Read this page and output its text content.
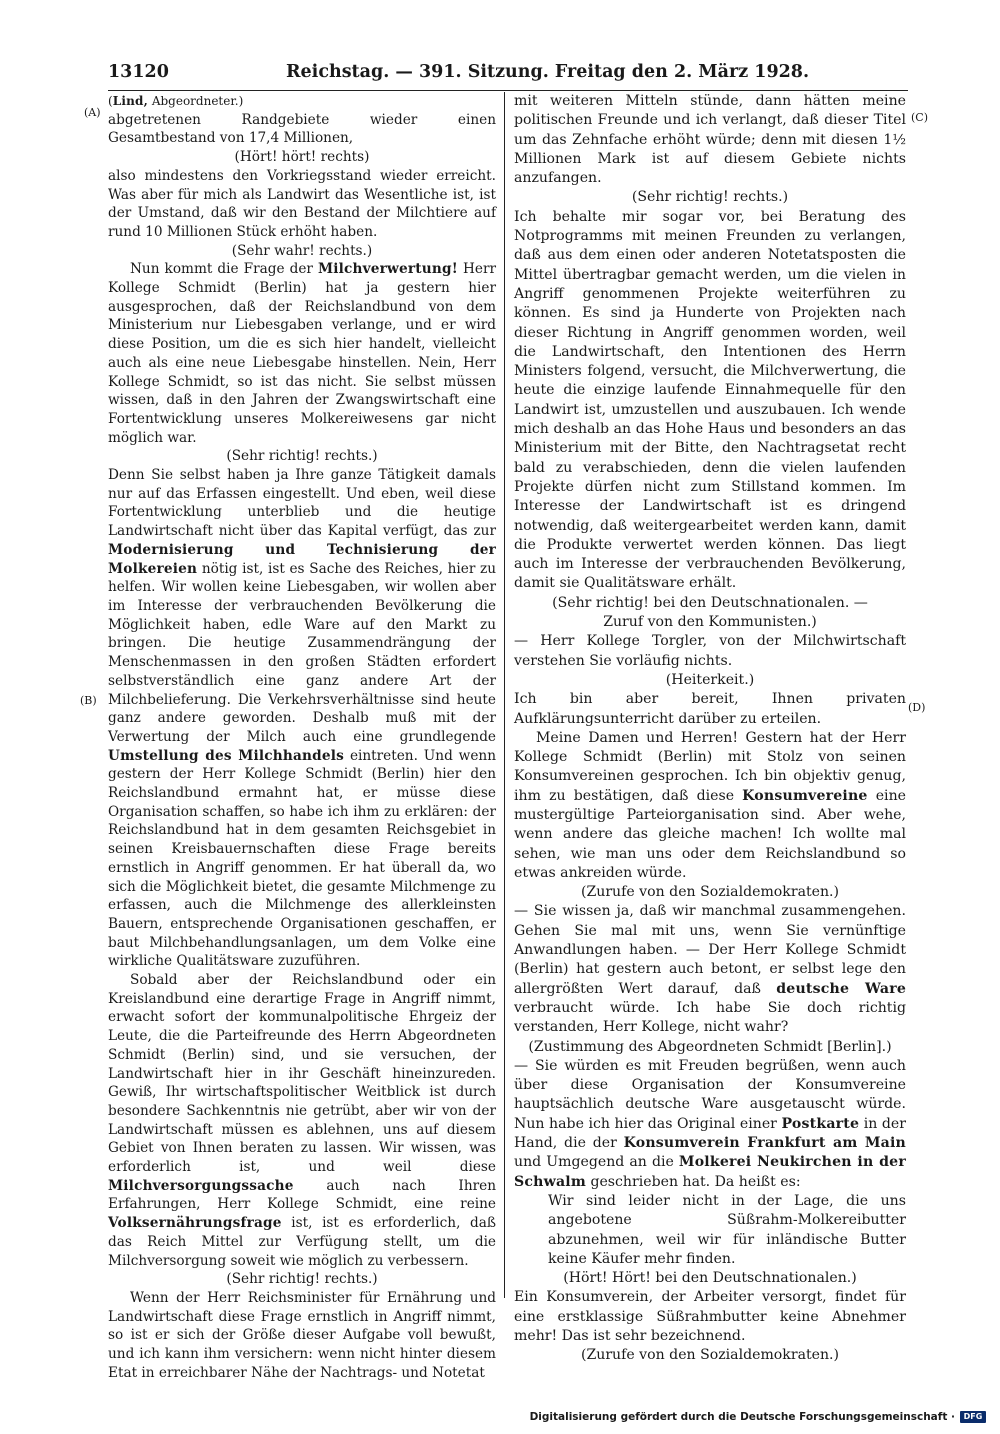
13120	Reichstag. — 391. Sitzung. Freitag den 2. März 1928.
(A)
(B)
(C)
(D)

(Lind, Abgeordneter.)

abgetretenen Randgebiete wieder einen Gesamtbestand von 17,4 Millionen,

(Hört! hört! rechts)

also mindestens den Vorkriegsstand wieder erreicht. Was aber für mich als Landwirt das Wesentliche ist, ist der Umstand, daß wir den Bestand der Milchtiere auf rund 10 Millionen Stück erhöht haben.

(Sehr wahr! rechts.)

Nun kommt die Frage der Milchverwertung! Herr Kollege Schmidt (Berlin) hat ja gestern hier ausgesprochen, daß der Reichslandbund von dem Ministerium nur Liebesgaben verlange, und er wird diese Position, um die es sich hier handelt, vielleicht auch als eine neue Liebesgabe hinstellen. Nein, Herr Kollege Schmidt, so ist das nicht. Sie selbst müssen wissen, daß in den Jahren der Zwangswirtschaft eine Fortentwicklung unseres Molkereiwesens gar nicht möglich war.

(Sehr richtig! rechts.)

Denn Sie selbst haben ja Ihre ganze Tätigkeit damals nur auf das Erfassen eingestellt. Und eben, weil diese Fortentwicklung unterblieb und die heutige Landwirtschaft nicht über das Kapital verfügt, das zur Modernisierung und Technisierung der Molkereien nötig ist, ist es Sache des Reiches, hier zu helfen. Wir wollen keine Liebesgaben, wir wollen aber im Interesse der verbrauchenden Bevölkerung die Möglichkeit haben, edle Ware auf den Markt zu bringen. Die heutige Zusammendrängung der Menschenmassen in den großen Städten erfordert selbstverständlich eine ganz andere Art der Milchbelieferung. Die Verkehrsverhältnisse sind heute ganz andere geworden. Deshalb muß mit der Verwertung der Milch auch eine grundlegende Umstellung des Milchhandels eintreten. Und wenn gestern der Herr Kollege Schmidt (Berlin) hier den Reichslandbund ermahnt hat, er müsse diese Organisation schaffen, so habe ich ihm zu erklären: der Reichslandbund hat in dem gesamten Reichsgebiet in seinen Kreisbauernschaften diese Frage bereits ernstlich in Angriff genommen. Er hat überall da, wo sich die Möglichkeit bietet, die gesamte Milchmenge zu erfassen, auch die Milchmenge des allerkleinsten Bauern, entsprechende Organisationen geschaffen, er baut Milchbehandlungsanlagen, um dem Volke eine wirkliche Qualitätsware zuzuführen.

Sobald aber der Reichslandbund oder ein Kreislandbund eine derartige Frage in Angriff nimmt, erwacht sofort der kommunalpolitische Ehrgeiz der Leute, die die Parteifreunde des Herrn Abgeordneten Schmidt (Berlin) sind, und sie versuchen, der Landwirtschaft hier in ihr Geschäft hineinzureden. Gewiß, Ihr wirtschaftspolitischer Weitblick ist durch besondere Sachkenntnis nie getrübt, aber wir von der Landwirtschaft müssen es ablehnen, uns auf diesem Gebiet von Ihnen beraten zu lassen. Wir wissen, was erforderlich ist, und weil diese Milchversorgungssache auch nach Ihren Erfahrungen, Herr Kollege Schmidt, eine reine Volksernährungsfrage ist, ist es erforderlich, daß das Reich Mittel zur Verfügung stellt, um die Milchversorgung soweit wie möglich zu verbessern.

(Sehr richtig! rechts.)

Wenn der Herr Reichsminister für Ernährung und Landwirtschaft diese Frage ernstlich in Angriff nimmt, so ist er sich der Größe dieser Aufgabe voll bewußt, und ich kann ihm versichern: wenn nicht hinter diesem Etat in erreichbarer Nähe der Nachtrags- und Notetat

mit weiteren Mitteln stünde, dann hätten meine politischen Freunde und ich verlangt, daß dieser Titel um das Zehnfache erhöht würde; denn mit diesen 1½ Millionen Mark ist auf diesem Gebiete nichts anzufangen.

(Sehr richtig! rechts.)

Ich behalte mir sogar vor, bei Beratung des Notprogramms mit meinen Freunden zu verlangen, daß aus dem einen oder anderen Notetatsposten die Mittel übertragbar gemacht werden, um die vielen in Angriff genommenen Projekte weiterführen zu können. Es sind ja Hunderte von Projekten nach dieser Richtung in Angriff genommen worden, weil die Landwirtschaft, den Intentionen des Herrn Ministers folgend, versucht, die Milchverwertung, die heute die einzige laufende Einnahmequelle für den Landwirt ist, umzustellen und auszubauen. Ich wende mich deshalb an das Hohe Haus und besonders an das Ministerium mit der Bitte, den Nachtragsetat recht bald zu verabschieden, denn die vielen laufenden Projekte dürfen nicht zum Stillstand kommen. Im Interesse der Landwirtschaft ist es dringend notwendig, daß weitergearbeitet werden kann, damit die Produkte verwertet werden können. Das liegt auch im Interesse der verbrauchenden Bevölkerung, damit sie Qualitätsware erhält.

(Sehr richtig! bei den Deutschnationalen. —

Zuruf von den Kommunisten.)

— Herr Kollege Torgler, von der Milchwirtschaft verstehen Sie vorläufig nichts.

(Heiterkeit.)

Ich bin aber bereit, Ihnen privaten Aufklärungsunterricht darüber zu erteilen.

Meine Damen und Herren! Gestern hat der Herr Kollege Schmidt (Berlin) mit Stolz von seinen Konsumvereinen gesprochen. Ich bin objektiv genug, ihm zu bestätigen, daß diese Konsumvereine eine mustergültige Parteiorganisation sind. Aber wehe, wenn andere das gleiche machen! Ich wollte mal sehen, wie man uns oder dem Reichslandbund so etwas ankreiden würde.

(Zurufe von den Sozialdemokraten.)

— Sie wissen ja, daß wir manchmal zusammengehen. Gehen Sie mal mit uns, wenn Sie vernünftige Anwandlungen haben. — Der Herr Kollege Schmidt (Berlin) hat gestern auch betont, er selbst lege den allergrößten Wert darauf, daß deutsche Ware verbraucht würde. Ich habe Sie doch richtig verstanden, Herr Kollege, nicht wahr?

(Zustimmung des Abgeordneten Schmidt [Berlin].)

— Sie würden es mit Freuden begrüßen, wenn auch über diese Organisation der Konsumvereine hauptsächlich deutsche Ware ausgetauscht würde. Nun habe ich hier das Original einer Postkarte in der Hand, die der Konsumverein Frankfurt am Main und Umgegend an die Molkerei Neukirchen in der Schwalm geschrieben hat. Da heißt es:

Wir sind leider nicht in der Lage, die uns angebotene Süßrahm-Molkereibutter abzunehmen, weil wir für inländische Butter keine Käufer mehr finden.

(Hört! Hört! bei den Deutschnationalen.)

Ein Konsumverein, der Arbeiter versorgt, findet für eine erstklassige Süßrahmbutter keine Abnehmer mehr! Das ist sehr bezeichnend.

(Zurufe von den Sozialdemokraten.)

Digitalisierung gefördert durch die Deutsche Forschungsgemeinschaft ·	DFG
